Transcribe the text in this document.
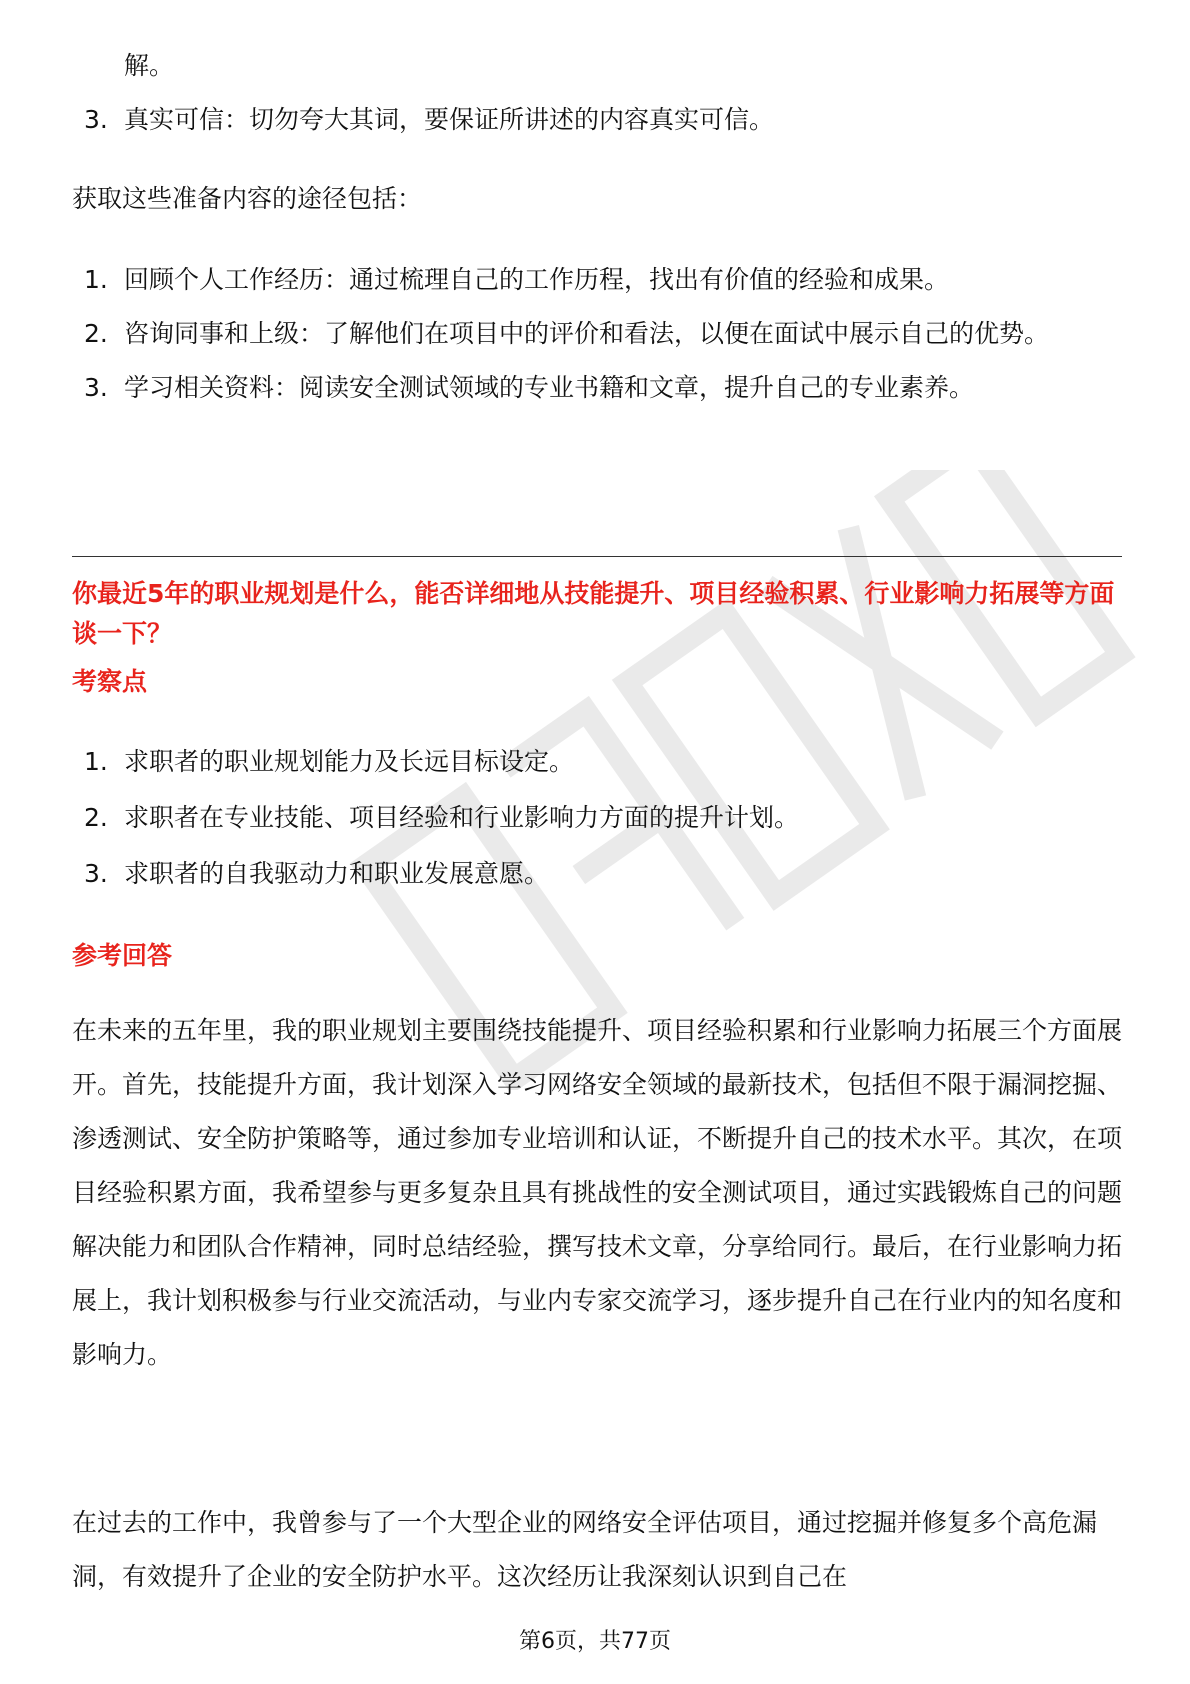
解。

3. 真实可信：切勿夸大其词，要保证所讲述的内容真实可信。

获取这些准备内容的途径包括：

1. 回顾个人工作经历：通过梳理自己的工作历程，找出有价值的经验和成果。
2. 咨询同事和上级：了解他们在项目中的评价和看法，以便在面试中展示自己的优势。
3. 学习相关资料：阅读安全测试领域的专业书籍和文章，提升自己的专业素养。
你最近5年的职业规划是什么，能否详细地从技能提升、项目经验积累、行业影响力拓展等方面谈一下？
考察点
1. 求职者的职业规划能力及长远目标设定。
2. 求职者在专业技能、项目经验和行业影响力方面的提升计划。
3. 求职者的自我驱动力和职业发展意愿。
参考回答

在未来的五年里，我的职业规划主要围绕技能提升、项目经验积累和行业影响力拓展三个方面展开。首先，技能提升方面，我计划深入学习网络安全领域的最新技术，包括但不限于漏洞挖掘、渗透测试、安全防护策略等，通过参加专业培训和认证，不断提升自己的技术水平。其次，在项目经验积累方面，我希望参与更多复杂且具有挑战性的安全测试项目，通过实践锻炼自己的问题解决能力和团队合作精神，同时总结经验，撰写技术文章，分享给同行。最后，在行业影响力拓展上，我计划积极参与行业交流活动，与业内专家交流学习，逐步提升自己在行业内的知名度和影响力。

在过去的工作中，我曾参与了一个大型企业的网络安全评估项目，通过挖掘并修复多个高危漏洞，有效提升了企业的安全防护水平。这次经历让我深刻认识到自己在

第6页，共77页
